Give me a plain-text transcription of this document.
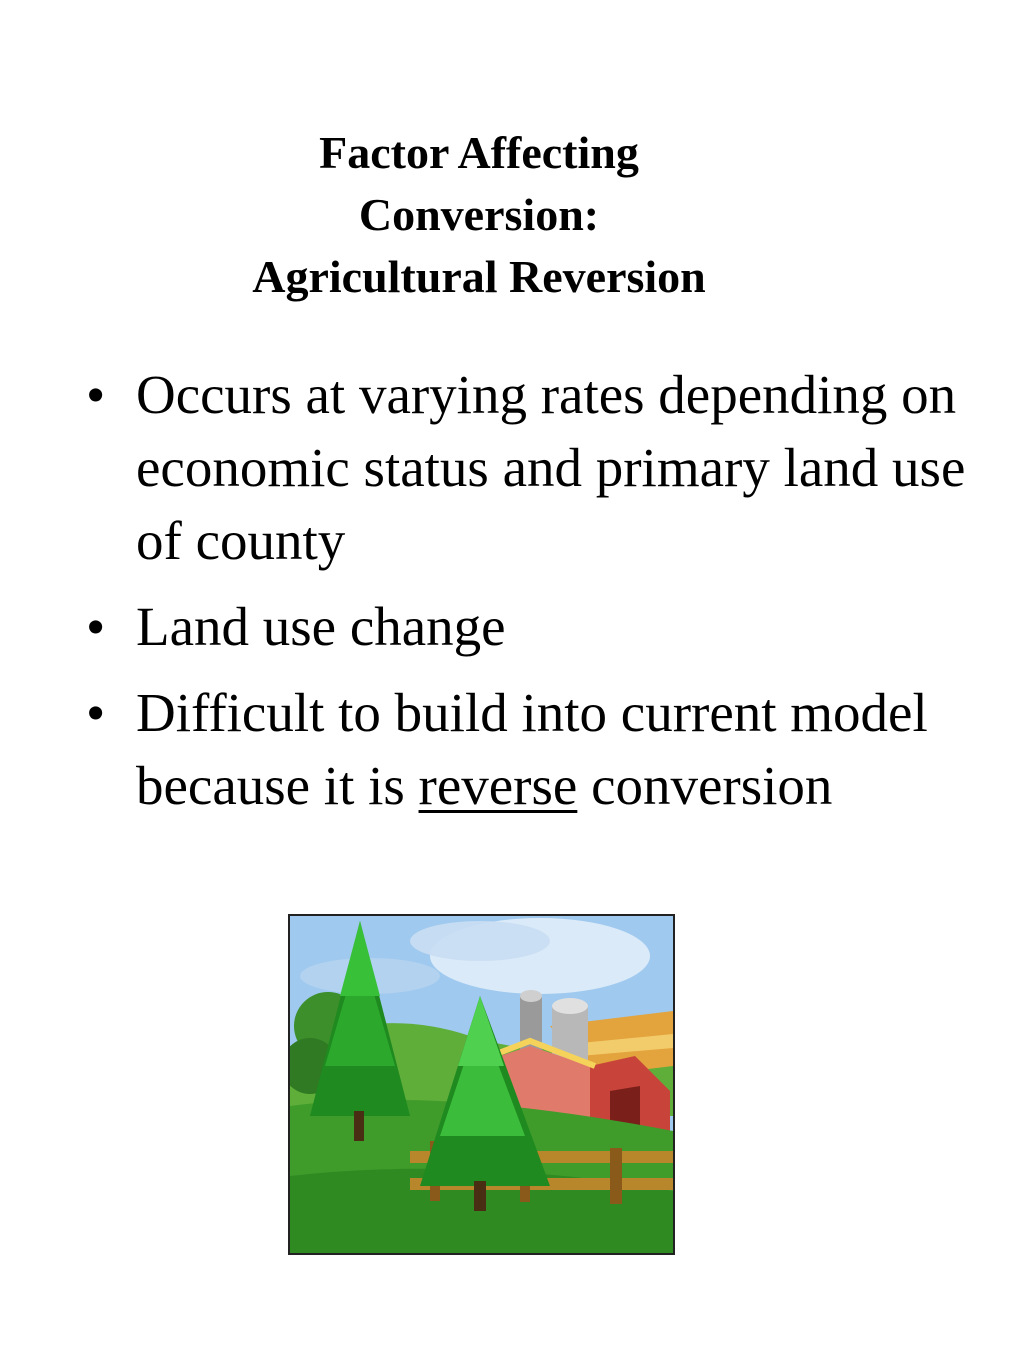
Factor Affecting
Conversion:
Agricultural Reversion
• Occurs at varying rates depending on economic status and primary land use of county
• Land use change
• Difficult to build into current model because it is reverse conversion
